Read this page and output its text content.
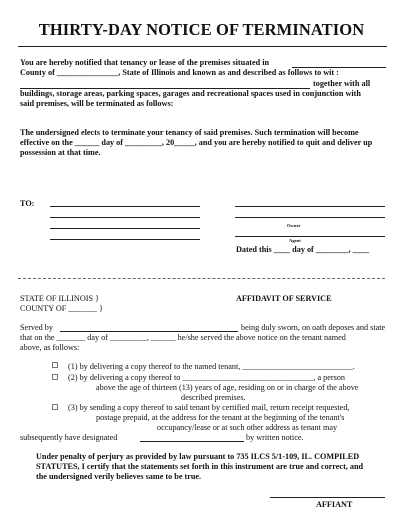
THIRTY-DAY NOTICE OF TERMINATION
You are hereby notified that tenancy or lease of the premises situated in
County of _______________, State of Illinois and known as and described as follows to wit :
together with all
buildings, storage areas, parking spaces, garages and recreational spaces used in conjunction with
said premises, will be terminated as follows:
The undersigned elects to terminate your tenancy of said premises. Such termination will become
effective on the ______ day of _________, 20_____, and you are hereby notified to quit and deliver up
possession at that time.
TO:
Owner
Agent
Dated this ____ day of ________, ____
STATE OF ILLINOIS }	AFFIDAVIT OF SERVICE
COUNTY OF _______ }
Served by	being duly sworn, on oath deposes and state
that on the _______ day of _________, ______ he/she served the above notice on the tenant named
above, as follows:
(1) by delivering a copy thereof to the named tenant, ___________________________.
(2) by delivering a copy thereof to ________________________________, a person
above the age of thirteen (13) years of age, residing on or in charge of the above
described premises.
(3) by sending a copy thereof to said tenant by certified mail, return receipt requested,
postage prepaid, at the address for the tenant at the beginning of the tenant's
occupancy/lease or at such other address as tenant may
subsequently have designated	by written notice.
Under penalty of perjury as provided by law pursuant to 735 ILCS 5/1-109, IL. COMPILED
STATUTES, I certify that the statements set forth in this instrument are true and correct, and
the undersigned verily believes same to be true.
AFFIANT
